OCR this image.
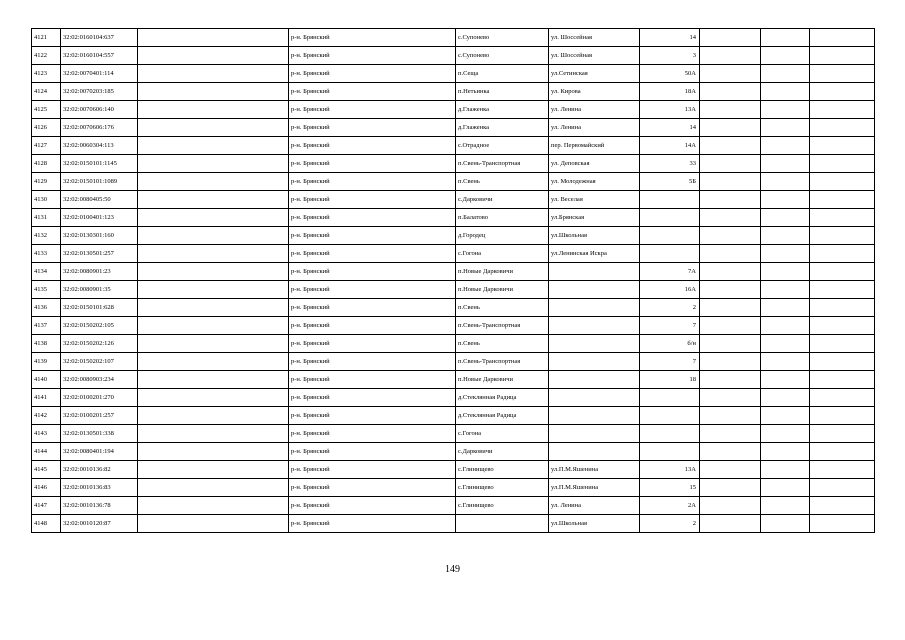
4121	32:02:0160104:637		р-н. Брянский	с.Супонево	ул. Шоссейная	14			
4122	32:02:0160104:557		р-н. Брянский	с.Супонево	ул. Шоссейная	3			
4123	32:02:0070401:114		р-н. Брянский	п.Сеща	ул.Сетинская	50А			
4124	32:02:0070203:185		р-н. Брянский	п.Нетьинка	ул. Кирова	18А			
4125	32:02:0070606:140		р-н. Брянский	д.Глаженка	ул. Ленина	13А			
4126	32:02:0070606:176		р-н. Брянский	д.Глаженка	ул. Ленина	14			
4127	32:02:0060304:113		р-н. Брянский	с.Отрадное	пер. Первомайский	14А			
4128	32:02:0150101:1145		р-н. Брянский	п.Свень-Транспортная	ул. Деповская	33			
4129	32:02:0150101:1089		р-н. Брянский	п.Свень	ул. Молодежная	5Б			
4130	32:02:0080405:50		р-н. Брянский	с.Дарковичи	ул. Веселая				
4131	32:02:0100401:123		р-н. Брянский	п.Балатово	ул.Брянская				
4132	32:02:0130301:160		р-н. Брянский	д.Городец	ул.Школьная				
4133	32:02:0130501:257		р-н. Брянский	с.Гогона	ул.Ленинская Искра				
4134	32:02:0080901:23		р-н. Брянский	п.Новые Дарковичи		7А			
4135	32:02:0080901:35		р-н. Брянский	п.Новые Дарковичи		16А			
4136	32:02:0150101:628		р-н. Брянский	п.Свень		2			
4137	32:02:0150202:105		р-н. Брянский	п.Свень-Транспортная		7			
4138	32:02:0150202:126		р-н. Брянский	п.Свень		б/н			
4139	32:02:0150202:107		р-н. Брянский	п.Свень-Транспортная		7			
4140	32:02:0080903:234		р-н. Брянский	п.Новые Дарковичи		18			
4141	32:02:0100201:270		р-н. Брянский	д.Стеклянная Радица					
4142	32:02:0100201:257		р-н. Брянский	д.Стеклянная Радица					
4143	32:02:0130501:338		р-н. Брянский	с.Гогона					
4144	32:02:0080401:194		р-н. Брянский	с.Дарковичи					
4145	32:02:0010136:82		р-н. Брянский	с.Глинищево	ул.П.М.Яшенина	13А			
4146	32:02:0010136:83		р-н. Брянский	с.Глинищево	ул.П.М.Яшенина	15			
4147	32:02:0010136:78		р-н. Брянский	с.Глинищево	ул. Ленина	2А			
4148	32:02:0010120:87		р-н. Брянский		ул.Школьная	2			
149
